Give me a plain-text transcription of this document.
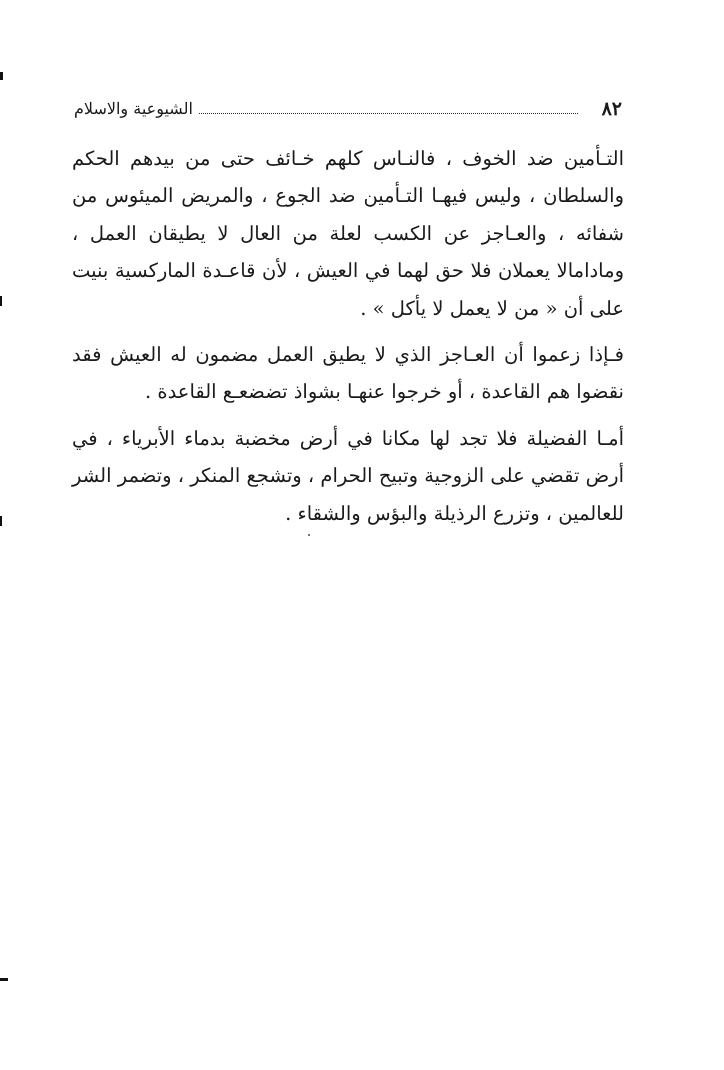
٨٢
الشيوعية والاسلام

التـأمين ضد الخوف ، فالنـاس كلهم خـائف حتى من بيدهم الحكم والسلطان ، وليس فيهـا التـأمين ضد الجوع ، والمريض الميئوس من شفائه ، والعـاجز عن الكسب لعلة من العال لا يطيقان العمل ، ومادامالا يعملان فلا حق لهما في العيش ، لأن قاعـدة الماركسية بنيت على أن « من لا يعمل لا يأكل » .

فـإذا زعموا أن العـاجز الذي لا يطيق العمل مضمون له العيش فقد نقضوا هم القاعدة ، أو خرجوا عنهـا بشواذ تضضعـع القاعدة .

أمـا الفضيلة فلا تجد لها مكانا في أرض مخضبة بدماء الأبرياء ، في أرض تقضي على الزوجية وتبيح الحرام ، وتشجع المنكر ، وتضمر الشر للعالمين ، وتزرع الرذيلة والبؤس والشقاء .
